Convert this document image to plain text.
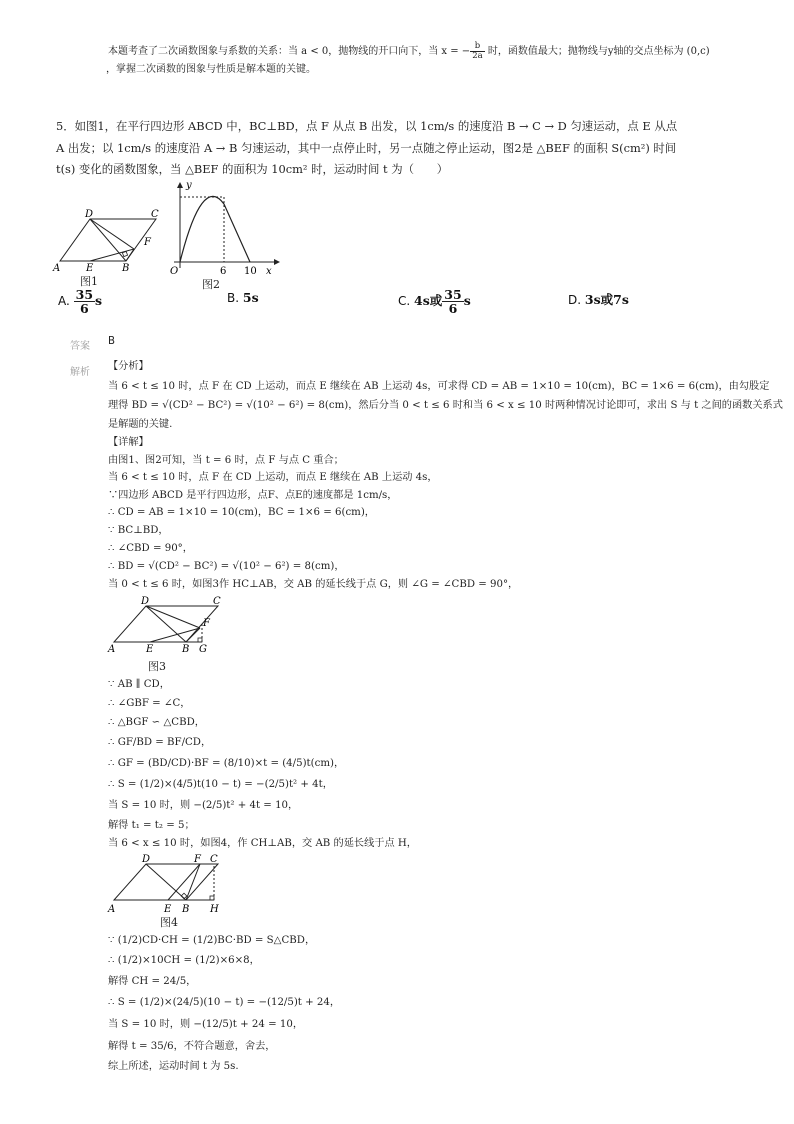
本题考查了二次函数图象与系数的关系：当 a < 0，抛物线的开口向下，当 x = − $\frac{b}{2a}$ 时，函数值最大；抛物线与y轴的交点坐标为 (0,c)
，掌握二次函数的图象与性质是解本题的关键。
5．如图1，在平行四边形 ABCD 中，BC⊥BD，点 F 从点 B 出发，以 1cm/s 的速度沿 B → C → D 匀速运动，点 E 从点
A 出发；以 1cm/s 的速度沿 A → B 匀速运动，其中一点停止时，另一点随之停止运动，图2是 △BEF 的面积 S(cm²) 时间
t(s) 变化的函数图象，当 △BEF 的面积为 10cm² 时，运动时间 t 为（　　）
D	C
F
A	E	B
图1
y
O	6 10 x
图2
A. $\frac{35}{6}$ s	B. 5s	C. 4s或 $\frac{35}{6}$ s	D. 3s或7s
答案 B
解析
【分析】
当 6 < t ≤ 10 时，点 F 在 CD 上运动，而点 E 继续在 AB 上运动 4s，可求得 CD = AB = 1×10 = 10(cm)，BC = 1×6 = 6(cm)，由勾股定
理得 BD = √(CD² − BC²) = √(10² − 6²) = 8(cm)，然后分当 0 < t ≤ 6 时和当 6 < x ≤ 10 时两种情况讨论即可，求出 S 与 t 之间的函数关系式
是解题的关键.
【详解】
由图1、图2可知，当 t = 6 时，点 F 与点 C 重合；
当 6 < t ≤ 10 时，点 F 在 CD 上运动，而点 E 继续在 AB 上运动 4s，
∵四边形 ABCD 是平行四边形，点F、点E的速度都是 1cm/s，
∴ CD = AB = 1×10 = 10(cm)，BC = 1×6 = 6(cm)，
∵ BC⊥BD，
∴ ∠CBD = 90°，
∴ BD = √(CD² − BC²) = √(10² − 6²) = 8(cm)，
当 0 < t ≤ 6 时，如图3作 HC⊥AB，交 AB 的延长线于点 G，则 ∠G = ∠CBD = 90°，
D	C
F
A	E	B G
图3
∵ AB ∥ CD，
∴ ∠GBF = ∠C，
∴ △BGF ∽ △CBD，
∴ GF/BD = BF/CD，
∴ GF = (BD/CD)·BF = (8/10)×t = (4/5)t(cm)，
∴ S = (1/2)×(4/5)t(10 − t) = −(2/5)t² + 4t，
当 S = 10 时，则 −(2/5)t² + 4t = 10，
解得 t₁ = t₂ = 5；
当 6 < x ≤ 10 时，如图4，作 CH⊥AB，交 AB 的延长线于点 H，
D	F C
A	E B H
图4
∵ (1/2)CD·CH = (1/2)BC·BD = S△CBD，
∴ (1/2)×10CH = (1/2)×6×8，
解得 CH = 24/5，
∴ S = (1/2)×(24/5)(10 − t) = −(12/5)t + 24，
当 S = 10 时，则 −(12/5)t + 24 = 10，
解得 t = 35/6，不符合题意，舍去，
综上所述，运动时间 t 为 5s.
